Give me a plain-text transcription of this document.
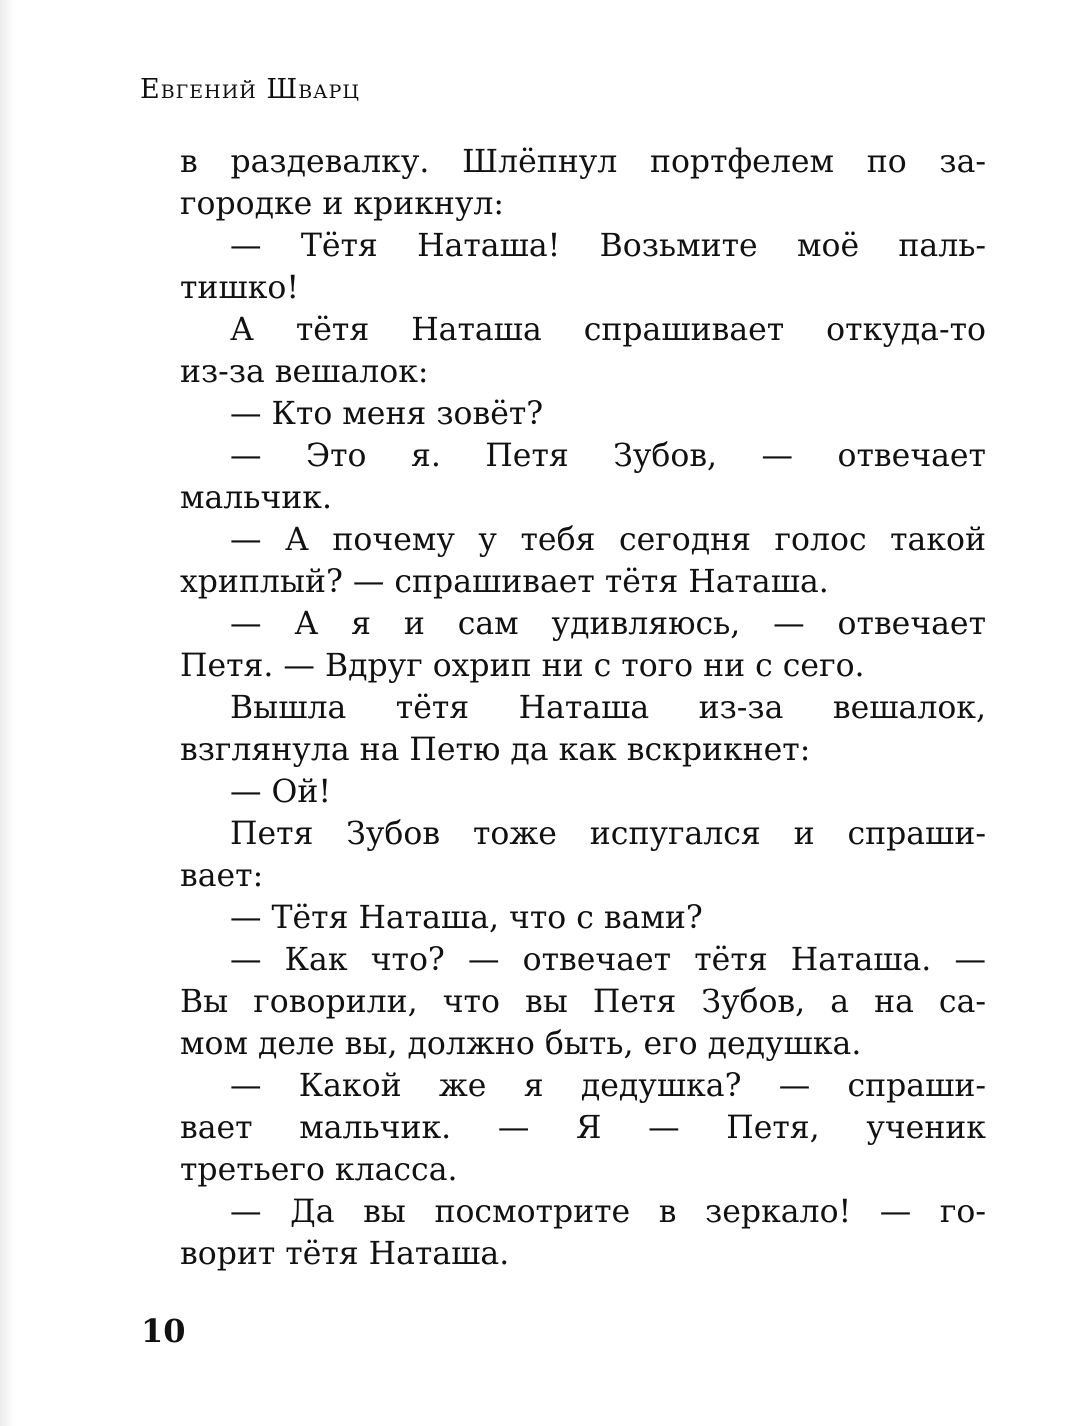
Евгений Шварц
в раздевалку. Шлёпнул портфелем по за-
городке и крикнул:
— Тётя Наташа! Возьмите моё паль-
тишко!
А тётя Наташа спрашивает откуда-то
из-за вешалок:
— Кто меня зовёт?
— Это я. Петя Зубов, — отвечает
мальчик.
— А почему у тебя сегодня голос такой
хриплый? — спрашивает тётя Наташа.
— А я и сам удивляюсь, — отвечает
Петя. — Вдруг охрип ни с того ни с сего.
Вышла тётя Наташа из-за вешалок,
взглянула на Петю да как вскрикнет:
— Ой!
Петя Зубов тоже испугался и спраши-
вает:
— Тётя Наташа, что с вами?
— Как что? — отвечает тётя Наташа. —
Вы говорили, что вы Петя Зубов, а на са-
мом деле вы, должно быть, его дедушка.
— Какой же я дедушка? — спраши-
вает мальчик. — Я — Петя, ученик
третьего класса.
— Да вы посмотрите в зеркало! — го-
ворит тётя Наташа.
10
